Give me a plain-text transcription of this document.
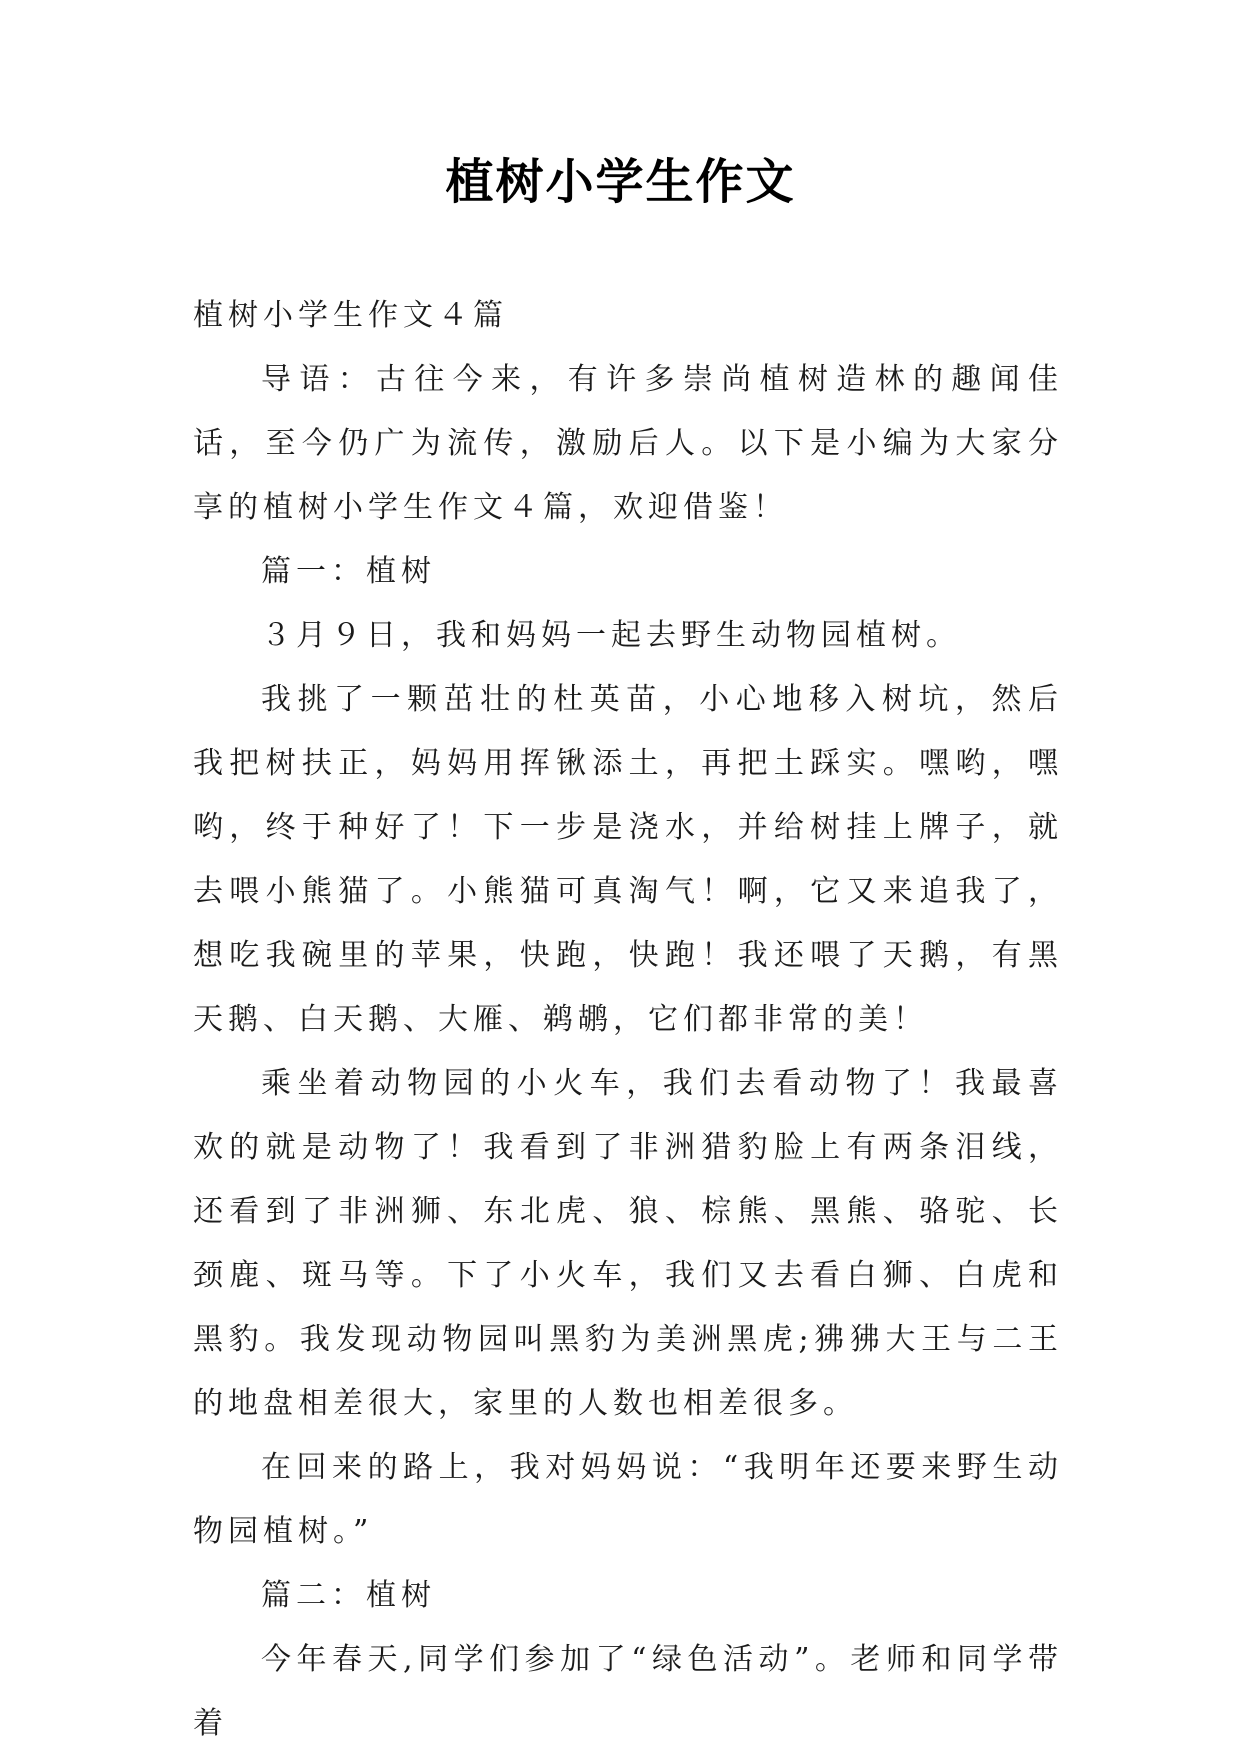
植树小学生作文

植树小学生作文４篇

导语：古往今来，有许多崇尚植树造林的趣闻佳话，至今仍广为流传，激励后人。以下是小编为大家分享的植树小学生作文４篇，欢迎借鉴！

篇一：植树

３月９日，我和妈妈一起去野生动物园植树。

我挑了一颗茁壮的杜英苗，小心地移入树坑，然后我把树扶正，妈妈用挥锹添土，再把土踩实。嘿哟，嘿哟，终于种好了！下一步是浇水，并给树挂上牌子，就去喂小熊猫了。小熊猫可真淘气！啊，它又来追我了，想吃我碗里的苹果，快跑，快跑！我还喂了天鹅，有黑天鹅、白天鹅、大雁、鹈鹕，它们都非常的美！

乘坐着动物园的小火车，我们去看动物了！我最喜欢的就是动物了！我看到了非洲猎豹脸上有两条泪线，还看到了非洲狮、东北虎、狼、棕熊、黑熊、骆驼、长颈鹿、斑马等。下了小火车，我们又去看白狮、白虎和黑豹。我发现动物园叫黑豹为美洲黑虎;狒狒大王与二王的地盘相差很大，家里的人数也相差很多。

在回来的路上，我对妈妈说：“我明年还要来野生动物园植树。”

篇二：植树

今年春天,同学们参加了“绿色活动”。老师和同学带着
